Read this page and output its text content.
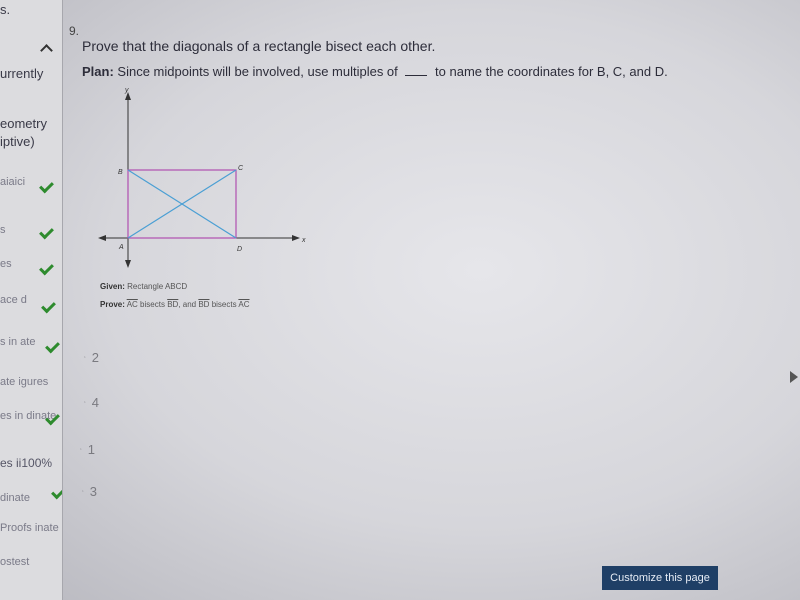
s.
urrently
eometry
iptive)
aiaici
s
es
ace d
s in ate
ate igures
es in dinate
es ii100%
dinate
Proofs inate
ostest
9.
Prove that the diagonals of a rectangle bisect each other.
Plan: Since midpoints will be involved, use multiples of	to name the coordinates for B, C, and D.
y
x
A
B
C
D
Given: Rectangle ABCD
Prove: $\overline{AC}$ bisects $\overline{BD}$, and $\overline{BD}$ bisects $\overline{AC}$
‘ 2
‘ 4
‘ 1
‘ 3
Customize this page
